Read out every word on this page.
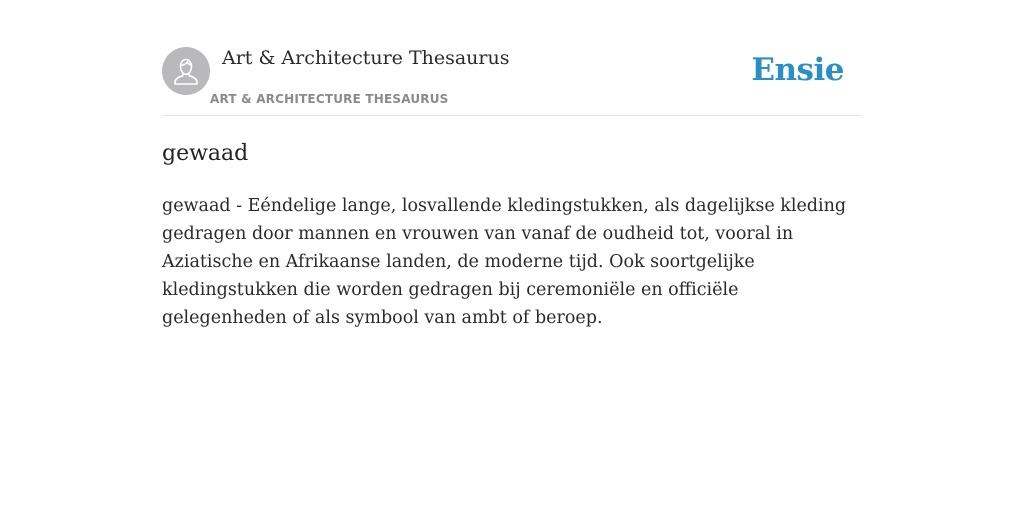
Art & Architecture Thesaurus
ART & ARCHITECTURE THESAURUS
Ensie
gewaad

gewaad - Eéndelige lange, losvallende kledingstukken, als dagelijkse kleding gedragen door mannen en vrouwen van vanaf de oudheid tot, vooral in Aziatische en Afrikaanse landen, de moderne tijd. Ook soortgelijke kledingstukken die worden gedragen bij ceremoniële en officiële gelegenheden of als symbool van ambt of beroep.
